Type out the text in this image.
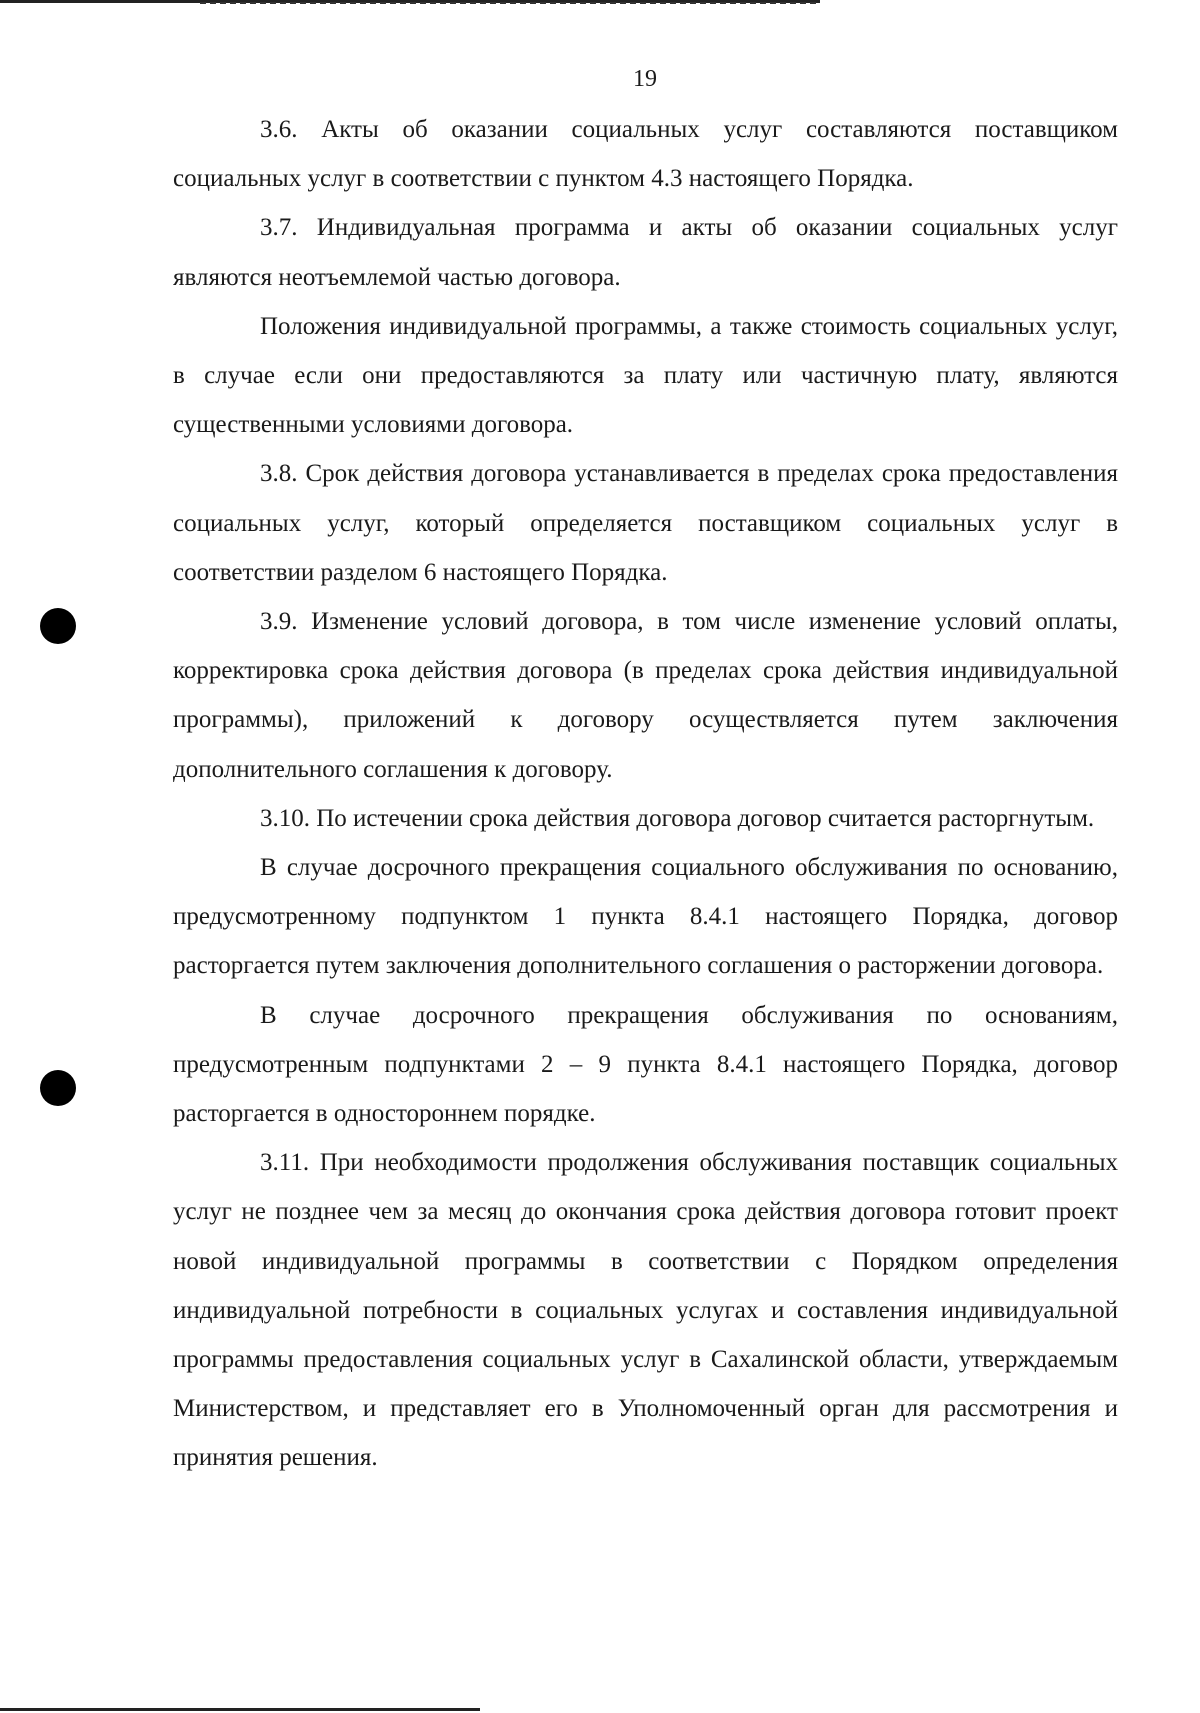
19

3.6. Акты об оказании социальных услуг составляются поставщиком социальных услуг в соответствии с пунктом 4.3 настоящего Порядка.

3.7. Индивидуальная программа и акты об оказании социальных услуг являются неотъемлемой частью договора.

Положения индивидуальной программы, а также стоимость социальных услуг, в случае если они предоставляются за плату или частичную плату, являются существенными условиями договора.

3.8. Срок действия договора устанавливается в пределах срока предоставления социальных услуг, который определяется поставщиком социальных услуг в соответствии разделом 6 настоящего Порядка.

3.9. Изменение условий договора, в том числе изменение условий оплаты, корректировка срока действия договора (в пределах срока действия индивидуальной программы), приложений к договору осуществляется путем заключения дополнительного соглашения к договору.

3.10. По истечении срока действия договора договор считается расторгнутым.

В случае досрочного прекращения социального обслуживания по основанию, предусмотренному подпунктом 1 пункта 8.4.1 настоящего Порядка, договор расторгается путем заключения дополнительного соглашения о расторжении договора.

В случае досрочного прекращения обслуживания по основаниям, предусмотренным подпунктами 2 – 9 пункта 8.4.1 настоящего Порядка, договор расторгается в одностороннем порядке.

3.11. При необходимости продолжения обслуживания поставщик социальных услуг не позднее чем за месяц до окончания срока действия договора готовит проект новой индивидуальной программы в соответствии с Порядком определения индивидуальной потребности в социальных услугах и составления индивидуальной программы предоставления социальных услуг в Сахалинской области, утверждаемым Министерством, и представляет его в Уполномоченный орган для рассмотрения и принятия решения.
